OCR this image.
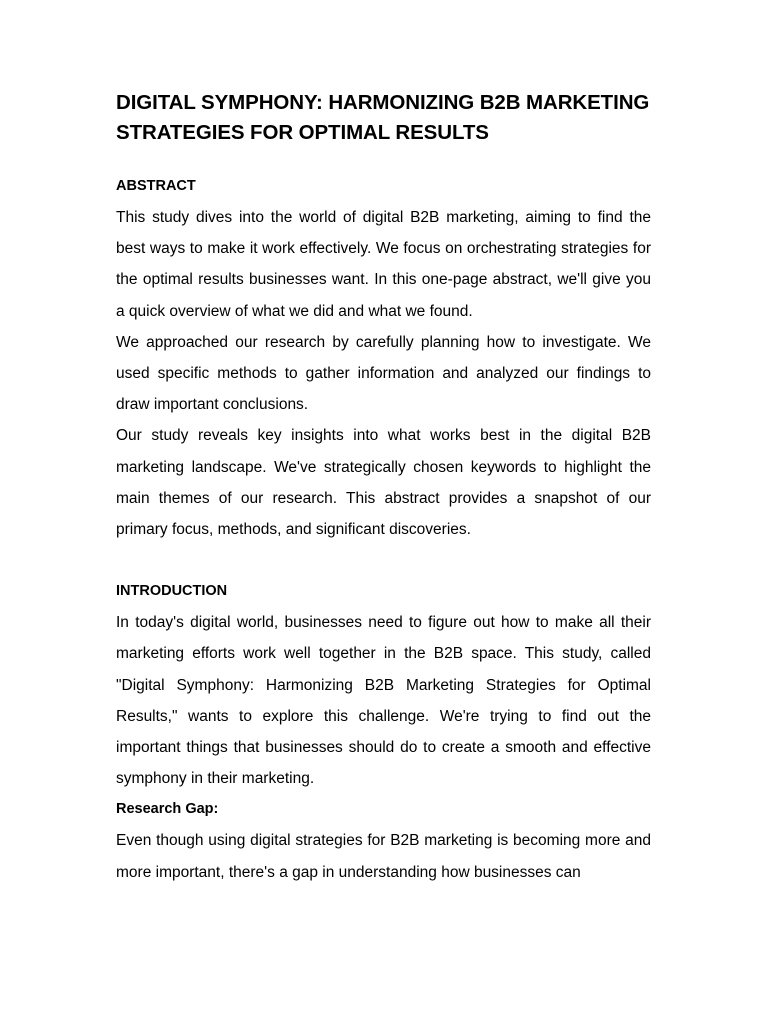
DIGITAL SYMPHONY: HARMONIZING B2B MARKETING STRATEGIES FOR OPTIMAL RESULTS
ABSTRACT

This study dives into the world of digital B2B marketing, aiming to find the best ways to make it work effectively. We focus on orchestrating strategies for the optimal results businesses want. In this one-page abstract, we'll give you a quick overview of what we did and what we found.

We approached our research by carefully planning how to investigate. We used specific methods to gather information and analyzed our findings to draw important conclusions.

Our study reveals key insights into what works best in the digital B2B marketing landscape. We've strategically chosen keywords to highlight the main themes of our research. This abstract provides a snapshot of our primary focus, methods, and significant discoveries.

INTRODUCTION

In today's digital world, businesses need to figure out how to make all their marketing efforts work well together in the B2B space. This study, called "Digital Symphony: Harmonizing B2B Marketing Strategies for Optimal Results," wants to explore this challenge. We're trying to find out the important things that businesses should do to create a smooth and effective symphony in their marketing.

Research Gap:

Even though using digital strategies for B2B marketing is becoming more and more important, there's a gap in understanding how businesses can
